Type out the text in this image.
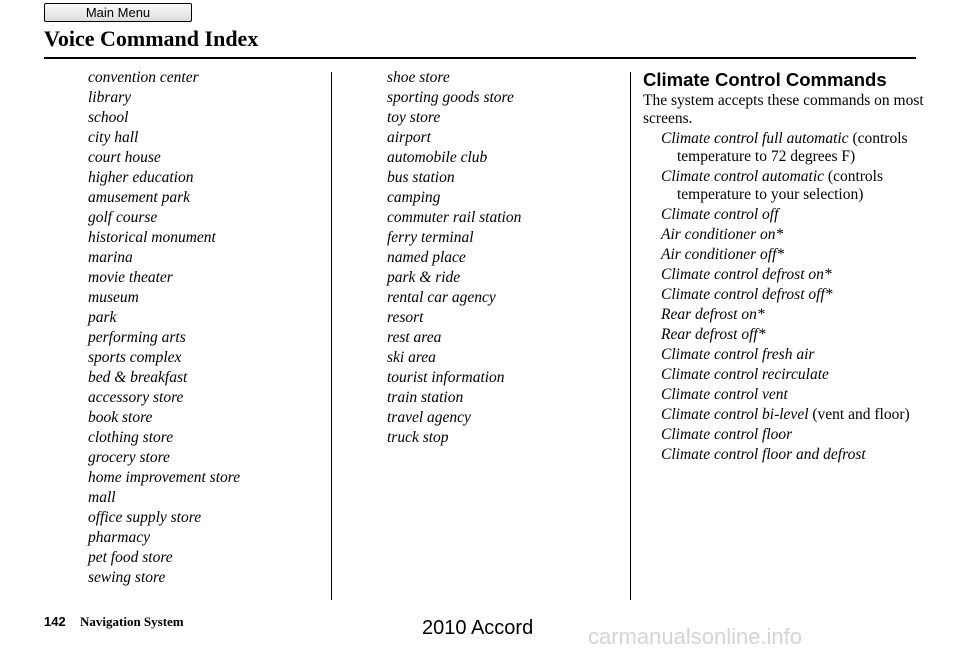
Main Menu
Voice Command Index
convention center
library
school
city hall
court house
higher education
amusement park
golf course
historical monument
marina
movie theater
museum
park
performing arts
sports complex
bed & breakfast
accessory store
book store
clothing store
grocery store
home improvement store
mall
office supply store
pharmacy
pet food store
sewing store
shoe store
sporting goods store
toy store
airport
automobile club
bus station
camping
commuter rail station
ferry terminal
named place
park & ride
rental car agency
resort
rest area
ski area
tourist information
train station
travel agency
truck stop
Climate Control Commands

The system accepts these commands on most screens.

Climate control full automatic (controls temperature to 72 degrees F)
Climate control automatic (controls temperature to your selection)
Climate control off
Air conditioner on*
Air conditioner off*
Climate control defrost on*
Climate control defrost off*
Rear defrost on*
Rear defrost off*
Climate control fresh air
Climate control recirculate
Climate control vent
Climate control bi-level (vent and floor)
Climate control floor
Climate control floor and defrost
142 Navigation System	2010 Accord carmanualsonline.info
